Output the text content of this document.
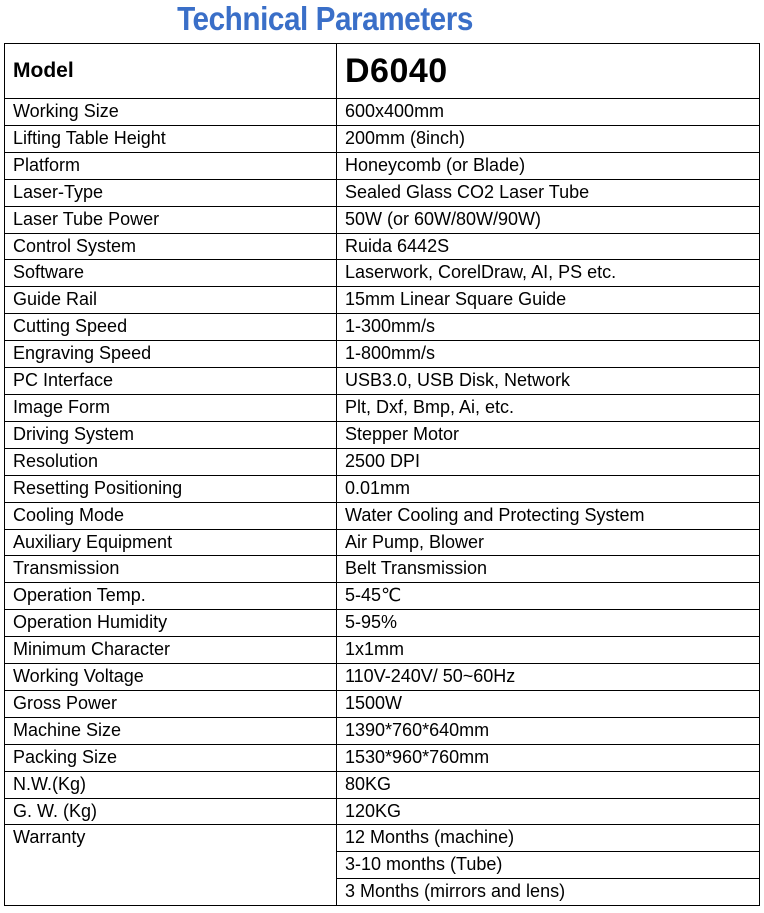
Technical Parameters
Model	D6040
Working Size	600x400mm
Lifting Table Height	200mm (8inch)
Platform	Honeycomb (or Blade)
Laser-Type	Sealed Glass CO2 Laser Tube
Laser Tube Power	50W (or 60W/80W/90W)
Control System	Ruida 6442S
Software	Laserwork, CorelDraw, AI, PS etc.
Guide Rail	15mm Linear Square Guide
Cutting Speed	1-300mm/s
Engraving Speed	1-800mm/s
PC Interface	USB3.0, USB Disk, Network
Image Form	Plt, Dxf, Bmp, Ai, etc.
Driving System	Stepper Motor
Resolution	2500 DPI
Resetting Positioning	0.01mm
Cooling Mode	Water Cooling and Protecting System
Auxiliary Equipment	Air Pump, Blower
Transmission	Belt Transmission
Operation Temp.	5-45℃
Operation Humidity	5-95%
Minimum Character	1x1mm
Working Voltage	110V-240V/ 50~60Hz
Gross Power	1500W
Machine Size	1390*760*640mm
Packing Size	1530*960*760mm
N.W.(Kg)	80KG
G. W. (Kg)	120KG
Warranty	12 Months (machine)
	3-10 months (Tube)
	3 Months (mirrors and lens)
